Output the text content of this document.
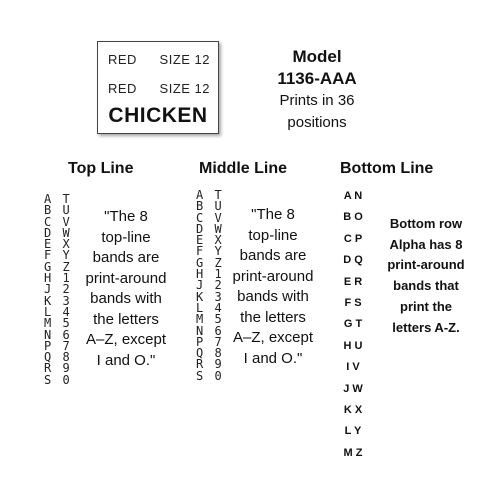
RED SIZE 12
RED SIZE 12
CHICKEN
Model
1136-AAA
Prints in 36
positions
Top Line	Middle Line	Bottom Line
A T
B U
C V
D W
E X
F Y
G Z
H 1
J 2
K 3
L 4
M 5
N 6
P 7
Q 8
R 9
S 0
"The 8
top-line
bands are
print-around
bands with
the letters
A–Z, except
I and O."
A T
B U
C V
D W
E X
F Y
G Z
H 1
J 2
K 3
L 4
M 5
N 6
P 7
Q 8
R 9
S 0
"The 8
top-line
bands are
print-around
bands with
the letters
A–Z, except
I and O."
A N
B O
C P
D Q
E R
F S
G T
H U
I V
J W
K X
L Y
M Z
Bottom row
Alpha has 8
print-around
bands that
print the
letters A-Z.
